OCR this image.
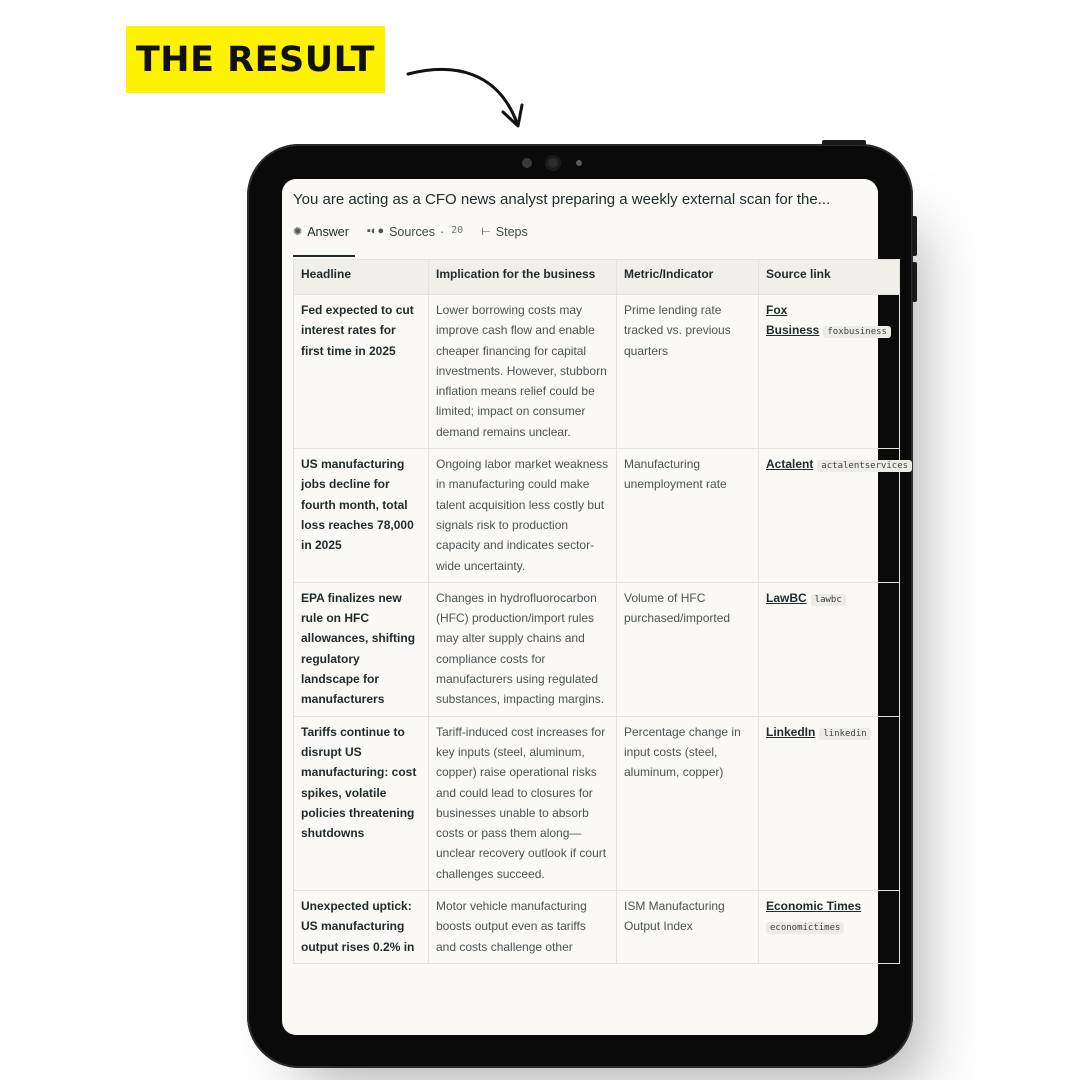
THE RESULT
You are acting as a CFO news analyst preparing a weekly external scan for the...
✺ Answer ▪◐● Sources · 20 ⊢ Steps
Headline	Implication for the business	Metric/Indicator	Source link
Fed expected to cut interest rates for first time in 2025	Lower borrowing costs may improve cash flow and enable cheaper financing for capital investments. However, stubborn inflation means relief could be limited; impact on consumer demand remains unclear.	Prime lending rate tracked vs. previous quarters	Fox Business foxbusiness
US manufacturing jobs decline for fourth month, total loss reaches 78,000 in 2025	Ongoing labor market weakness in manufacturing could make talent acquisition less costly but signals risk to production capacity and indicates sector-wide uncertainty.	Manufacturing unemployment rate	Actalent actalentservices
EPA finalizes new rule on HFC allowances, shifting regulatory landscape for manufacturers	Changes in hydrofluorocarbon (HFC) production/import rules may alter supply chains and compliance costs for manufacturers using regulated substances, impacting margins.	Volume of HFC purchased/imported	LawBC lawbc
Tariffs continue to disrupt US manufacturing: cost spikes, volatile policies threatening shutdowns	Tariff-induced cost increases for key inputs (steel, aluminum, copper) raise operational risks and could lead to closures for businesses unable to absorb costs or pass them along—unclear recovery outlook if court challenges succeed.	Percentage change in input costs (steel, aluminum, copper)	LinkedIn linkedin
Unexpected uptick: US manufacturing output rises 0.2% in	Motor vehicle manufacturing boosts output even as tariffs and costs challenge other	ISM Manufacturing Output Index	Economic Times
economictimes
